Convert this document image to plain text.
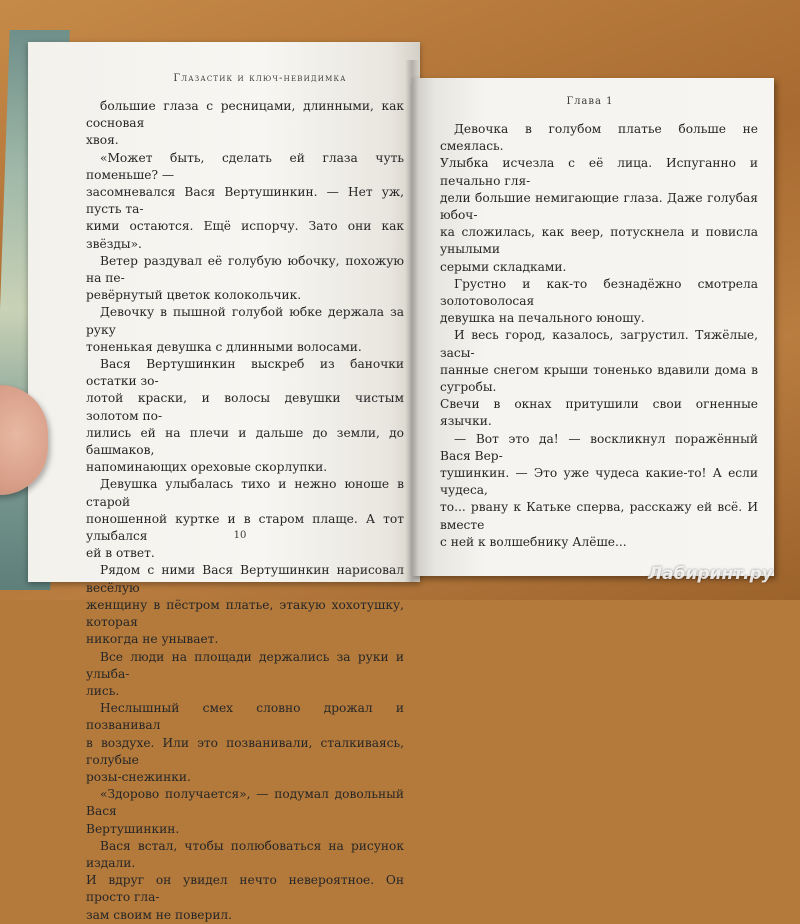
Глазастик и ключ-невидимка

большие глаза с ресницами, длинными, как сосновая

хвоя.

«Может быть, сделать ей глаза чуть поменьше? —

засомневался Вася Вертушинкин. — Нет уж, пусть та-

кими остаются. Ещё испорчу. Зато они как звёзды».

Ветер раздувал её голубую юбочку, похожую на пе-

ревёрнутый цветок колокольчик.

Девочку в пышной голубой юбке держала за руку

тоненькая девушка с длинными волосами.

Вася Вертушинкин выскреб из баночки остатки зо-

лотой краски, и волосы девушки чистым золотом по-

лились ей на плечи и дальше до земли, до башмаков,

напоминающих ореховые скорлупки.

Девушка улыбалась тихо и нежно юноше в старой

поношенной куртке и в старом плаще. А тот улыбался

ей в ответ.

Рядом с ними Вася Вертушинкин нарисовал весёлую

женщину в пёстром платье, этакую хохотушку, которая

никогда не унывает.

Все люди на площади держались за руки и улыба-

лись.

Неслышный смех словно дрожал и позванивал

в воздухе. Или это позванивали, сталкиваясь, голубые

розы-снежинки.

«Здорово получается», — подумал довольный Вася

Вертушинкин.

Вася встал, чтобы полюбоваться на рисунок издали.

И вдруг он увидел нечто невероятное. Он просто гла-

зам своим не поверил.

10
Глава 1

Девочка в голубом платье больше не смеялась.

Улыбка исчезла с её лица. Испуганно и печально гля-

дели большие немигающие глаза. Даже голубая юбоч-

ка сложилась, как веер, потускнела и повисла унылыми

серыми складками.

Грустно и как-то безнадёжно смотрела золотоволосая

девушка на печального юношу.

И весь город, казалось, загрустил. Тяжёлые, засы-

панные снегом крыши тоненько вдавили дома в сугробы.

Свечи в окнах притушили свои огненные язычки.

— Вот это да! — воскликнул поражённый Вася Вер-

тушинкин. — Это уже чудеса какие-то! А если чудеса,

то... рвану к Катьке сперва, расскажу ей всё. И вместе

с ней к волшебнику Алёше...

Лабиринт.ру
